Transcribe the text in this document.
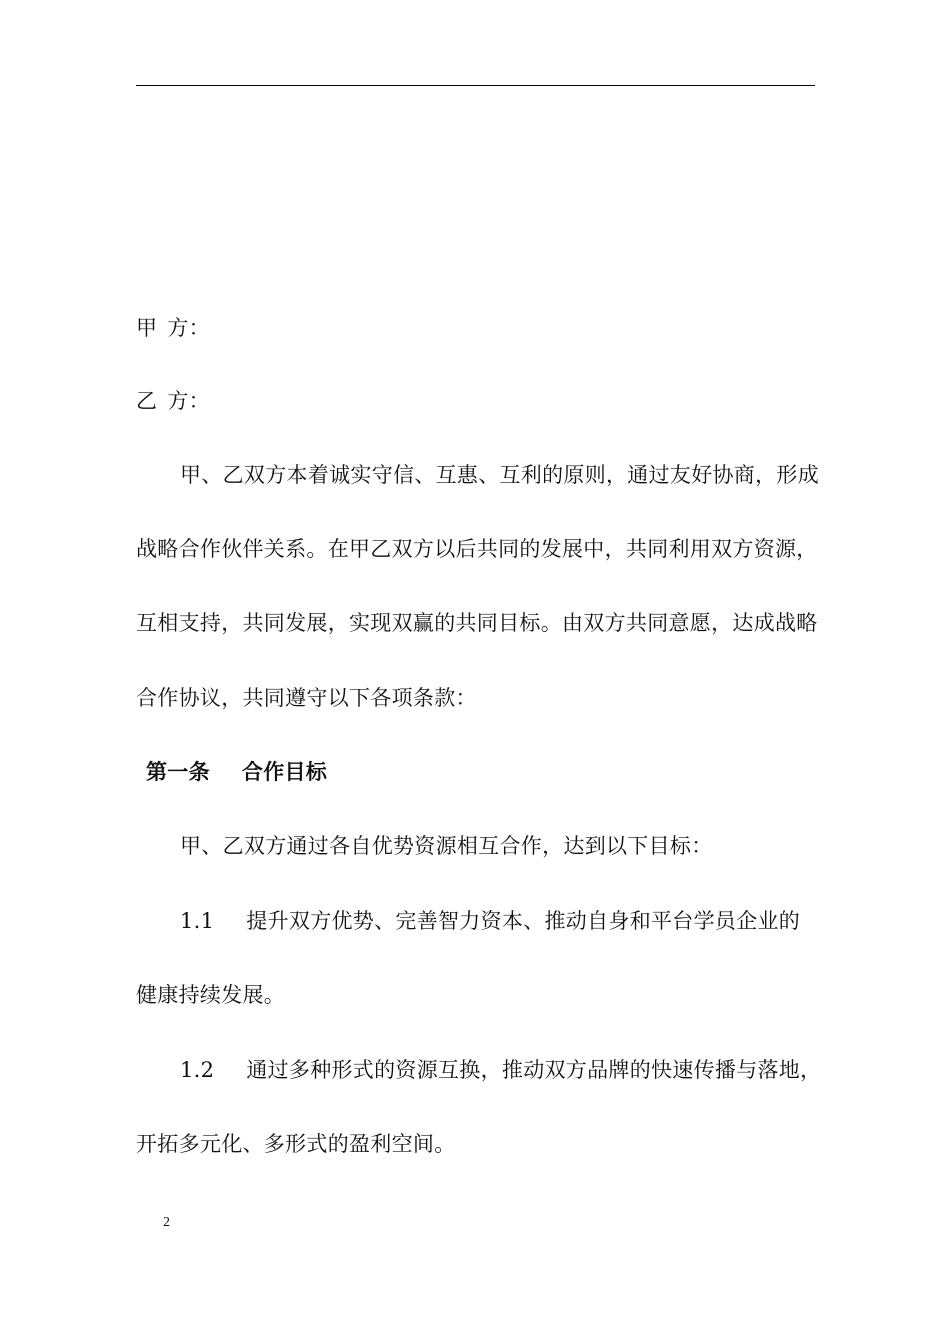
甲 方：
乙 方：
甲、乙双方本着诚实守信、互惠、互利的原则，通过友好协商，形成
战略合作伙伴关系。在甲乙双方以后共同的发展中，共同利用双方资源，
互相支持，共同发展，实现双赢的共同目标。由双方共同意愿，达成战略
合作协议，共同遵守以下各项条款：
第一条 合作目标
甲、乙双方通过各自优势资源相互合作，达到以下目标：
1.1 提升双方优势、完善智力资本、推动自身和平台学员企业的
健康持续发展。
1.2 通过多种形式的资源互换，推动双方品牌的快速传播与落地，
开拓多元化、多形式的盈利空间。
2
